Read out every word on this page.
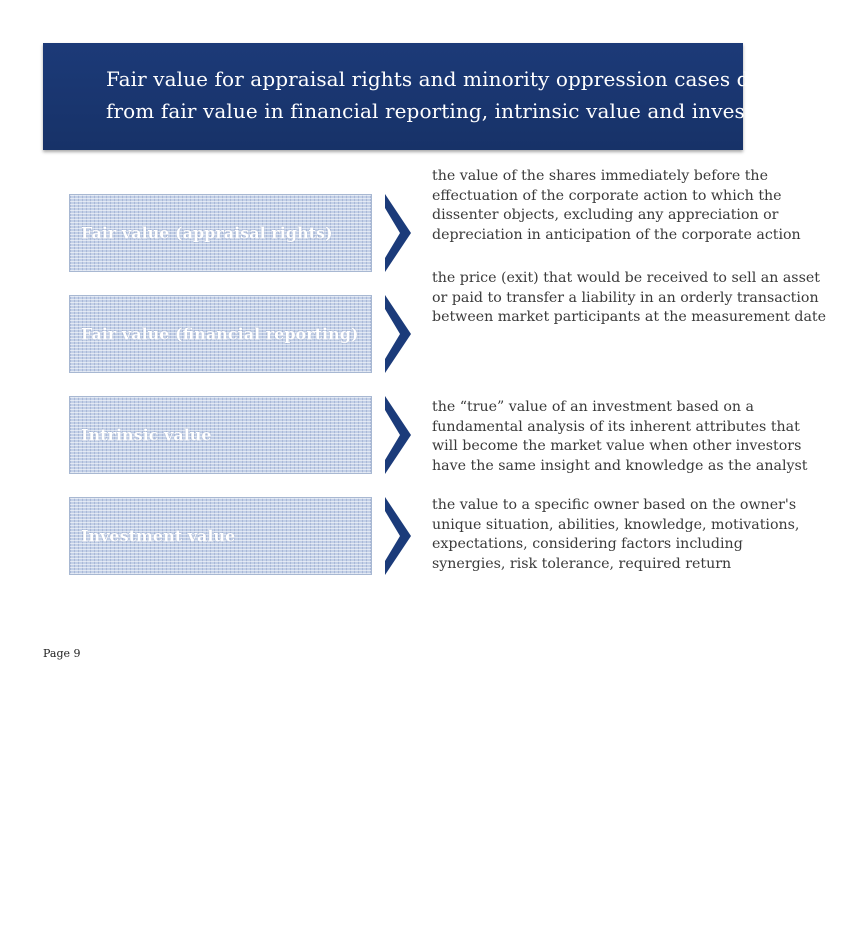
Fair value for appraisal rights and minority oppression cases differs
from fair value in financial reporting, intrinsic value and investment value
Fair value (appraisal rights)
the value of the shares immediately before the
effectuation of the corporate action to which the
dissenter objects, excluding any appreciation or
depreciation in anticipation of the corporate action
Fair value (financial reporting)
the price (exit) that would be received to sell an asset
or paid to transfer a liability in an orderly transaction
between market participants at the measurement date
Intrinsic value
the “true” value of an investment based on a
fundamental analysis of its inherent attributes that
will become the market value when other investors
have the same insight and knowledge as the analyst
Investment value
the value to a specific owner based on the owner's
unique situation, abilities, knowledge, motivations,
expectations, considering factors including
synergies, risk tolerance, required return
Page 9
